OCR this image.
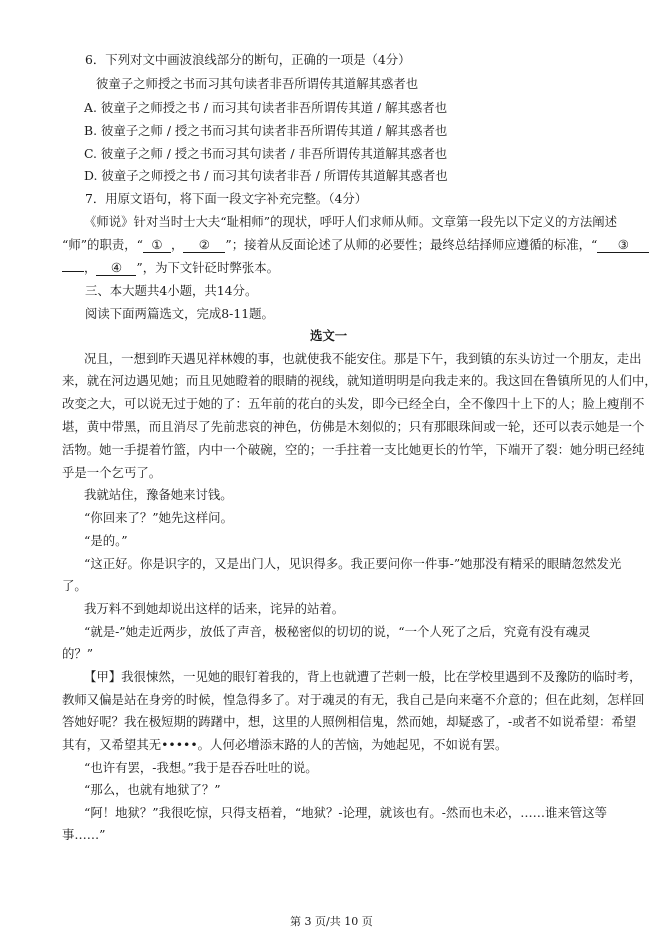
6．下列对文中画波浪线部分的断句，正确的一项是（4分）
彼童子之师授之书而习其句读者非吾所谓传其道解其惑者也
A. 彼童子之师授之书 / 而习其句读者非吾所谓传其道 / 解其惑者也
B. 彼童子之师 / 授之书而习其句读者非吾所谓传其道 / 解其惑者也
C. 彼童子之师 / 授之书而习其句读者 / 非吾所谓传其道解其惑者也
D. 彼童子之师授之书 / 而习其句读者非吾 / 所谓传其道解其惑者也
7．用原文语句，将下面一段文字补充完整。（4分）
《师说》针对当时士大夫“耻相师”的现状，呼吁人们求师从师。文章第一段先以下定义的方法阐述
“师”的职责，“ ① ， ② ”；接着从反面论述了从师的必要性；最终总结择师应遵循的标准，“ ③
， ④ ”，为下文针砭时弊张本。
三、本大题共4小题，共14分。
阅读下面两篇选文，完成8-11题。
选文一
况且，一想到昨天遇见祥林嫂的事，也就使我不能安住。那是下午，我到镇的东头访过一个朋友，走出
来，就在河边遇见她；而且见她瞪着的眼睛的视线，就知道明明是向我走来的。我这回在鲁镇所见的人们中，
改变之大，可以说无过于她的了：五年前的花白的头发，即今已经全白，全不像四十上下的人；脸上瘦削不
堪，黄中带黑，而且消尽了先前悲哀的神色，仿佛是木刻似的；只有那眼珠间或一轮，还可以表示她是一个
活物。她一手提着竹篮，内中一个破碗，空的；一手拄着一支比她更长的竹竿，下端开了裂：她分明已经纯
乎是一个乞丐了。
我就站住，豫备她来讨钱。
“你回来了？”她先这样问。
“是的。”
“这正好。你是识字的，又是出门人，见识得多。我正要问你一件事-”她那没有精采的眼睛忽然发光
了。
我万料不到她却说出这样的话来，诧异的站着。
“就是-”她走近两步，放低了声音，极秘密似的切切的说，“一个人死了之后，究竟有没有魂灵
的？”
【甲】我很悚然，一见她的眼钉着我的，背上也就遭了芒刺一般，比在学校里遇到不及豫防的临时考，
教师又偏是站在身旁的时候，惶急得多了。对于魂灵的有无，我自己是向来毫不介意的；但在此刻，怎样回
答她好呢？我在极短期的踌躇中，想，这里的人照例相信鬼，然而她，却疑惑了，-或者不如说希望：希望
其有，又希望其无•••••。人何必增添末路的人的苦恼，为她起见，不如说有罢。
“也许有罢，-我想。”我于是吞吞吐吐的说。
“那么，也就有地狱了？”
“阿！地狱？”我很吃惊，只得支梧着，“地狱？-论理，就该也有。-然而也未必，……谁来管这等
事……”
第 3 页/共 10 页
